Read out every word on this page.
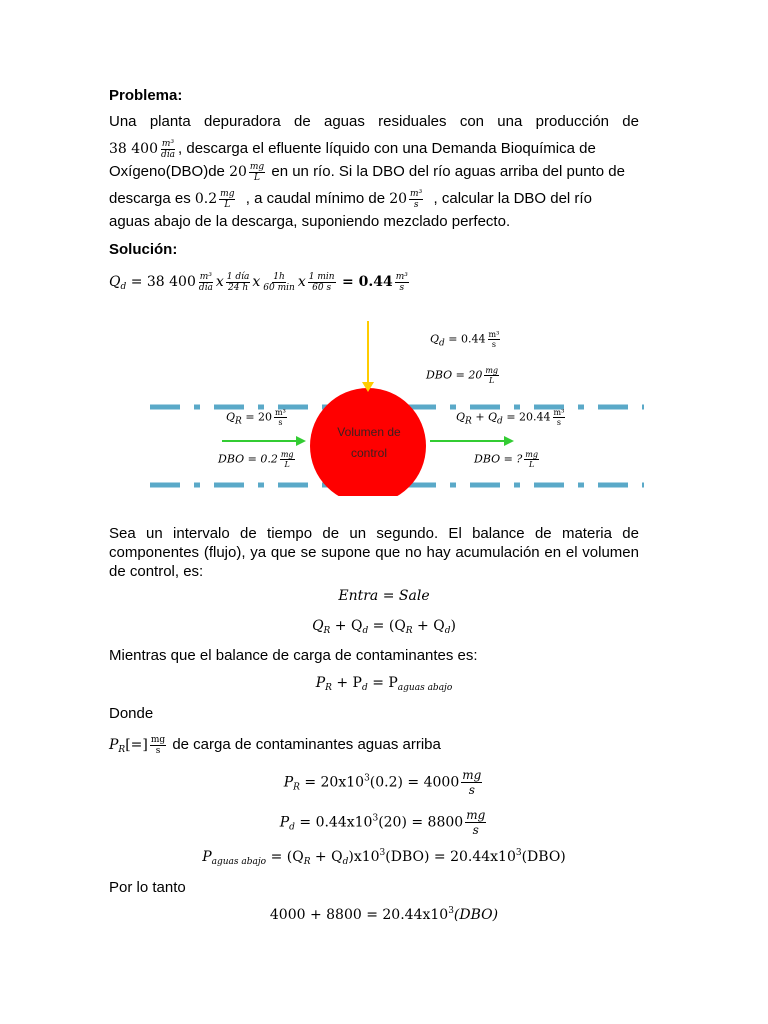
Problema:
Una planta depuradora de aguas residuales con una producción de
38 $400 \frac{\text{m³}}{\text{día}}$ , descarga el efluente líquido con una Demanda Bioquímica de
Oxígeno(DBO)de $20 \frac{mg}{L}$ en un río. Si la DBO del río aguas arriba del punto de
descarga es $0.2 \frac{mg}{L}$ , a caudal mínimo de $20 \frac{\text{m³}}{s}$ , calcular la DBO del río
aguas abajo de la descarga, suponiendo mezclado perfecto.
Solución:
$Q_d = 38$ $400 \frac{\text{m³}}{\text{día}}$ x $\frac{\text{1 día}}{24 h}$ x $\frac{1h}{60 \min}$ x $\frac{1 \min}{60 s} = 0.44 \frac{\text{m³}}{s}$
Volumen de control
$Q_d = 0.44 \frac{\text{m³}}{s}$
DBO = $20 \frac{mg}{L}$
$Q_R = 20 \frac{\text{m³}}{s}$
DBO = $0.2 \frac{mg}{L}$
$Q_R + Q_d = 20.44 \frac{\text{m³}}{s}$
DBO = ? $\frac{mg}{L}$
Sea un intervalo de tiempo de un segundo. El balance de materia de
componentes (flujo), ya que se supone que no hay acumulación en el volumen
de control, es:
Entra = Sale
$Q_R + Q_d = (Q_R + Q_d)$
Mientras que el balance de carga de contaminantes es:
$P_R + P_d = P_{aguas abajo}$
Donde
$P_R[=] \frac{mg}{s}$ de carga de contaminantes aguas arriba
$P_R = 20x10^3(0.2) = 4000 \frac{mg}{s}$
$P_d = 0.44x10^3(20) = 8800 \frac{mg}{s}$
$P_{aguas abajo} = (Q_R + Q_d)x10^3(DBO) = 20.44x10^3(DBO)$
Por lo tanto
$4000 + 8800 = 20.44x10^3(DBO)$
